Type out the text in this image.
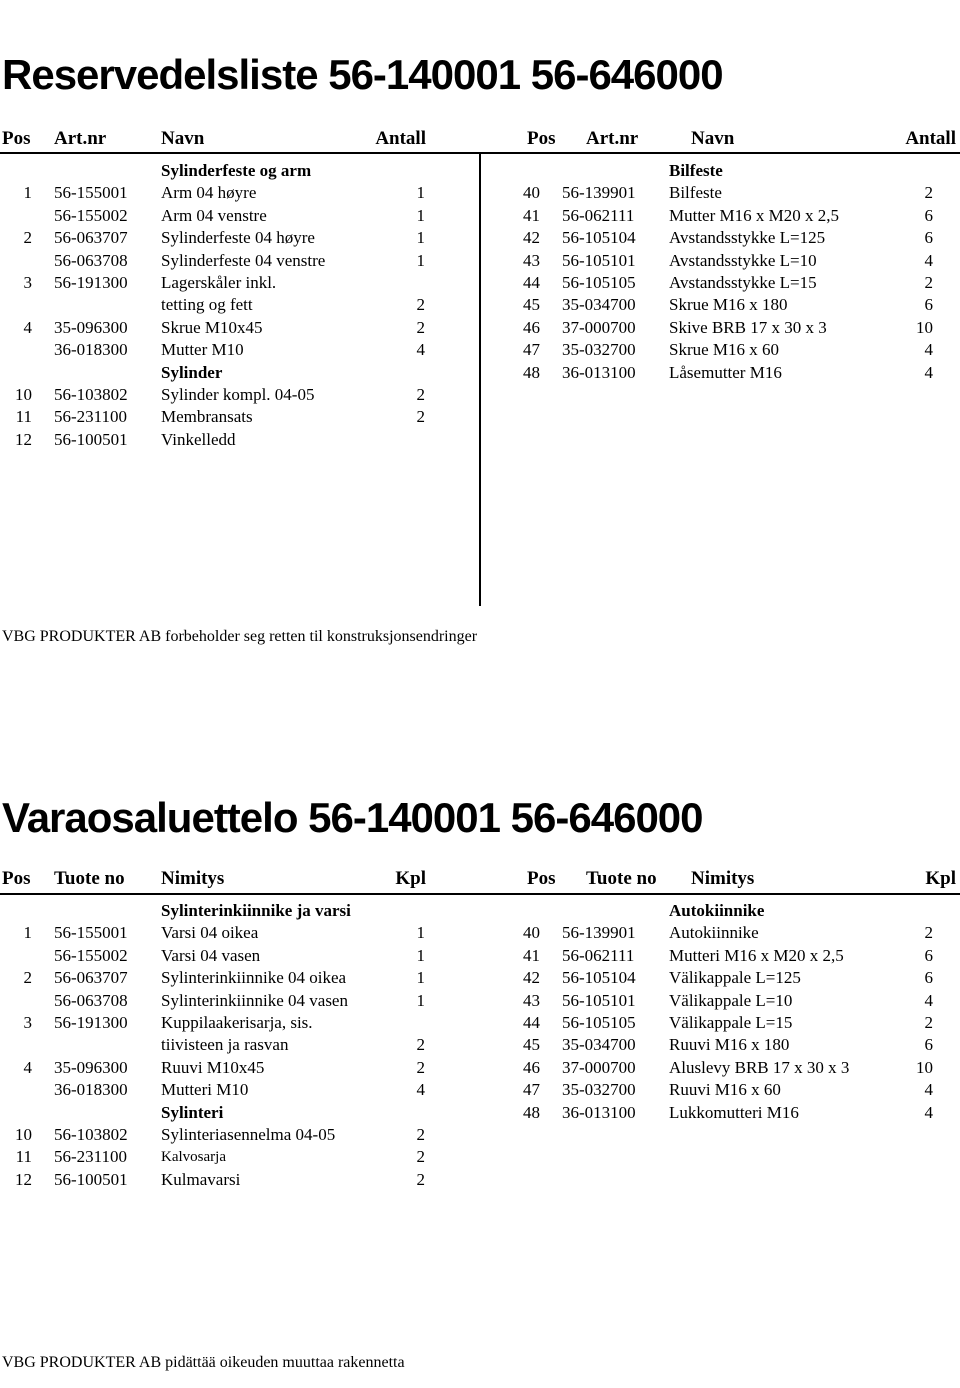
Reservedelsliste 56-140001 56-646000
Pos Art.nr	Navn	Antall	Pos Art.nr	Navn	Antall
Sylinderfeste og arm
1 56-155001 Arm 04 høyre	1
56-155002 Arm 04 venstre	1
2 56-063707 Sylinderfeste 04 høyre	1
56-063708 Sylinderfeste 04 venstre	1
3 56-191300 Lagerskåler inkl.
tetting og fett	2
4 35-096300 Skrue M10x45	2
36-018300 Mutter M10	4
Sylinder
10 56-103802 Sylinder kompl. 04-05	2
11 56-231100 Membransats	2
12 56-100501 Vinkelledd
Bilfeste
40 56-139901 Bilfeste	2
41 56-062111 Mutter M16 x M20 x 2,5	6
42 56-105104 Avstandsstykke L=125	6
43 56-105101 Avstandsstykke L=10	4
44 56-105105 Avstandsstykke L=15	2
45 35-034700 Skrue M16 x 180	6
46 37-000700 Skive BRB 17 x 30 x 3	10
47 35-032700 Skrue M16 x 60	4
48 36-013100 Låsemutter M16	4

VBG PRODUKTER AB forbeholder seg retten til konstruksjonsendringer

Varaosaluettelo 56-140001 56-646000
Pos Tuote no Nimitys	Kpl	Pos Tuote no Nimitys	Kpl
Sylinterinkiinnike ja varsi
1 56-155001 Varsi 04 oikea	1
56-155002 Varsi 04 vasen	1
2 56-063707 Sylinterinkiinnike 04 oikea	1
56-063708 Sylinterinkiinnike 04 vasen	1
3 56-191300 Kuppilaakerisarja, sis.
tiivisteen ja rasvan	2
4 35-096300 Ruuvi M10x45	2
36-018300 Mutteri M10	4
Sylinteri
10 56-103802 Sylinteriasennelma 04-05	2
11 56-231100 Kalvosarja	2
12 56-100501 Kulmavarsi	2
Autokiinnike
40 56-139901 Autokiinnike	2
41 56-062111 Mutteri M16 x M20 x 2,5	6
42 56-105104 Välikappale L=125	6
43 56-105101 Välikappale L=10	4
44 56-105105 Välikappale L=15	2
45 35-034700 Ruuvi M16 x 180	6
46 37-000700 Aluslevy BRB 17 x 30 x 3	10
47 35-032700 Ruuvi M16 x 60	4
48 36-013100 Lukkomutteri M16	4

VBG PRODUKTER AB pidättää oikeuden muuttaa rakennetta
